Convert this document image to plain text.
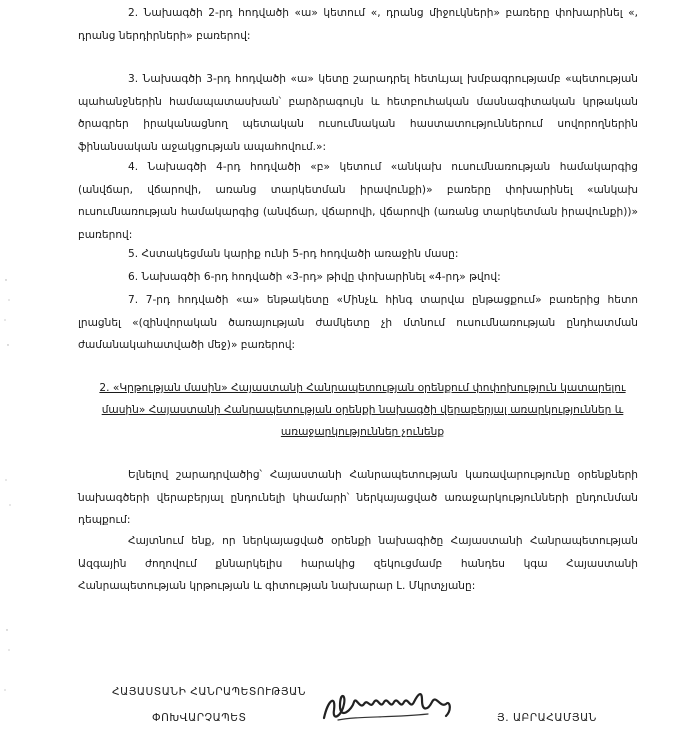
2. Նախագծի 2-րդ հոդվածի «ա» կետում «, դրանց միջուկների» բառերը փոխարինել «, դրանց ներդիրների» բառերով:

3. Նախագծի 3-րդ հոդվածի «ա» կետը շարադրել հետևյալ խմբագրությամբ «պետության պահանջներին համապատասխան՝ բարձրագույն և հետբուհական մասնագիտական կրթական ծրագրեր իրականացնող պետական ուսումնական հաստատություններում սովորողներին ֆինանսական աջակցության ապահովում.»:

4. Նախագծի 4-րդ հոդվածի «բ» կետում «անկախ ուսումնառության համակարգից (անվճար, վճարովի, առանց տարկետման իրավունքի)» բառերը փոխարինել «անկախ ուսումնառության համակարգից (անվճար, վճարովի, վճարովի (առանց տարկետման իրավունքի))» բառերով:

5. Հստակեցման կարիք ունի 5-րդ հոդվածի առաջին մասը:

6. Նախագծի 6-րդ հոդվածի «3-րդ» թիվը փոխարինել «4-րդ» թվով:

7. 7-րդ հոդվածի «ա» ենթակետը «Մինչև հինգ տարվա ընթացքում» բառերից հետո լրացնել «(զինվորական ծառայության ժամկետը չի մտնում ուսումնառության ընդհատման ժամանակահատվածի մեջ)» բառերով:

2. «Կրթության մասին» Հայաստանի Հանրապետության օրենքում փոփոխություն կատարելու մասին» Հայաստանի Հանրապետության օրենքի նախագծի վերաբերյալ առարկություններ և առաջարկություններ չունենք

Ելնելով շարադրվածից՝ Հայաստանի Հանրապետության կառավարությունը օրենքների նախագծերի վերաբերյալ ընդունելի կհամարի՝ ներկայացված առաջարկությունների ընդունման դեպքում:

Հայտնում ենք, որ ներկայացված օրենքի նախագիծը Հայաստանի Հանրապետության Ազգային ժողովում քննարկելիս հարակից զեկուցմամբ հանդես կգա Հայաստանի Հանրապետության կրթության և գիտության նախարար Լ. Մկրտչյանը:

ՀԱՅԱՍՏԱՆԻ ՀԱՆՐԱՊԵՏՈՒԹՅԱՆ
ՓՈԽՎԱՐՉԱՊԵՏ	Յ. ԱԲՐԱՀԱՄՅԱՆ
